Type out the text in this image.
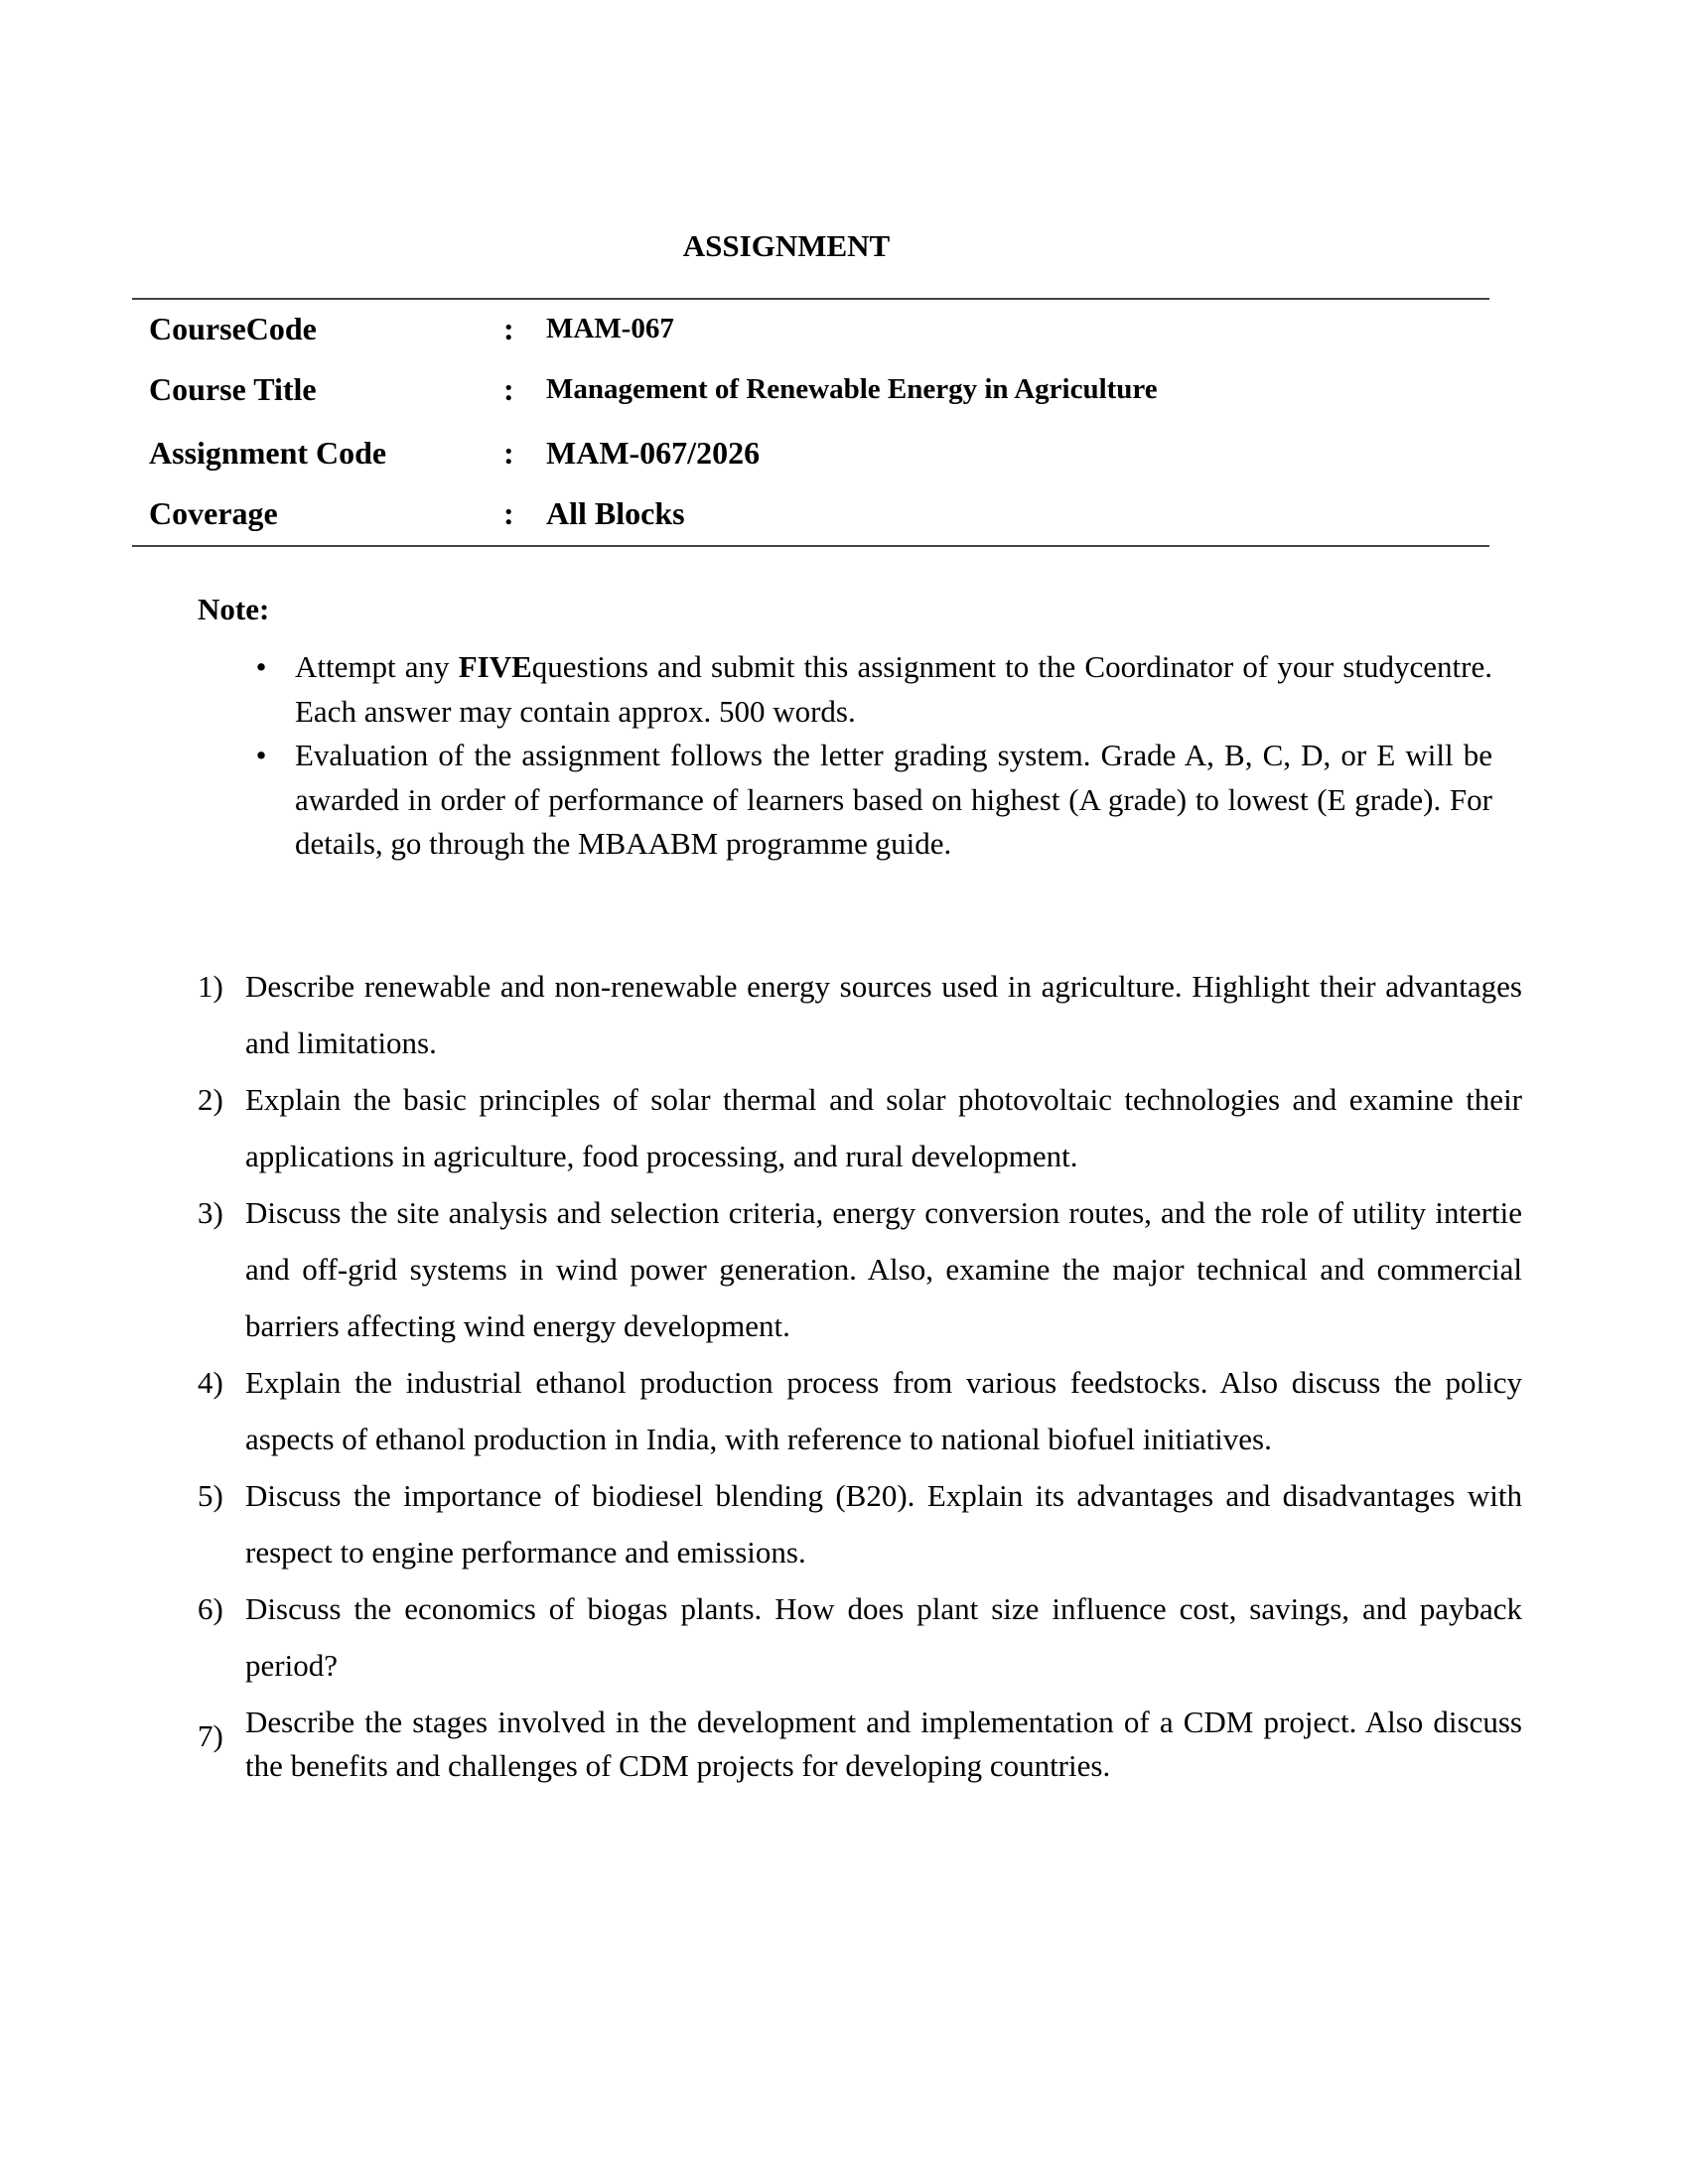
ASSIGNMENT
CourseCode	: MAM-067
Course Title	: Management of Renewable Energy in Agriculture
Assignment Code	: MAM-067/2026
Coverage	: All Blocks
Note:
• Attempt any FIVEquestions and submit this assignment to the Coordinator of your studycentre. Each answer may contain approx. 500 words.
• Evaluation of the assignment follows the letter grading system. Grade A, B, C, D, or E will be awarded in order of performance of learners based on highest (A grade) to lowest (E grade). For details, go through the MBAABM programme guide.
1) Describe renewable and non-renewable energy sources used in agriculture. Highlight their advantages and limitations.
2) Explain the basic principles of solar thermal and solar photovoltaic technologies and examine their applications in agriculture, food processing, and rural development.
3) Discuss the site analysis and selection criteria, energy conversion routes, and the role of utility intertie and off-grid systems in wind power generation. Also, examine the major technical and commercial barriers affecting wind energy development.
4) Explain the industrial ethanol production process from various feedstocks. Also discuss the policy aspects of ethanol production in India, with reference to national biofuel initiatives.
5) Discuss the importance of biodiesel blending (B20). Explain its advantages and disadvantages with respect to engine performance and emissions.
6) Discuss the economics of biogas plants. How does plant size influence cost, savings, and payback period?
7) Describe the stages involved in the development and implementation of a CDM project. Also discuss the benefits and challenges of CDM projects for developing countries.
